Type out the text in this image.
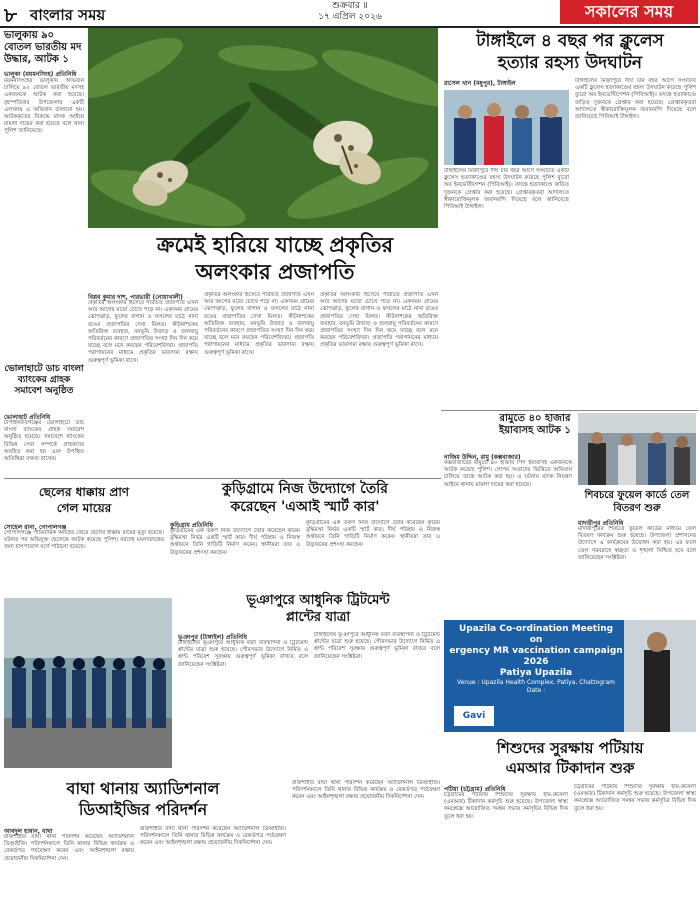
৮ বাংলার সময়	শুক্রবার ॥
১৭ এপ্রিল ২০২৬	সকালের সময়
ভালুকায় ৯০ বোতল ভারতীয় মদ উদ্ধার, আটক ১
ভালুকা (ময়মনসিংহ) প্রতিনিধি

ময়মনসিংহের ভালুকায় অভিযান চালিয়ে ৯০ বোতল ভারতীয় মদসহ একজনকে আটক করা হয়েছে। বৃহস্পতিবার উপজেলার একটি এলাকায় এ অভিযান চালানো হয়। আটককৃতের বিরুদ্ধে মাদক আইনে মামলা দায়ের করা হয়েছে বলে থানা পুলিশ জানিয়েছে।

ভোলাহাটে ডাচ বাংলা ব্যাংকের গ্রাহক সমাবেশ অনুষ্ঠিত
ভোলাহাট প্রতিনিধি

চাঁপাইনবাবগঞ্জের ভোলাহাটে ডাচ বাংলা ব্যাংকের গ্রাহক সমাবেশ অনুষ্ঠিত হয়েছে। সমাবেশে ব্যাংকের বিভিন্ন সেবা সম্পর্কে গ্রাহকদের অবহিত করা হয় এবং উপস্থিত অতিথিরা বক্তব্য রাখেন।

টাঙ্গাইলে ৪ বছর পর ক্লুলেস
হত্যার রহস্য উদঘাটন
রাসেল খান (মধুপুর), টাঙ্গাইল

টাঙ্গাইলের মির্জাপুরে দীর্ঘ চার বছর আগে সংঘটিত একটি ক্লুলেস হত্যাকাণ্ডের রহস্য উদঘাটন করেছে পুলিশ ব্যুরো অব ইনভেস্টিগেশন (পিবিআই)। তদন্তে হত্যাকাণ্ডে জড়িত দুজনকে গ্রেপ্তার করা হয়েছে। গ্রেপ্তারকৃতরা আদালতে স্বীকারোক্তিমূলক জবানবন্দি দিয়েছে বলে জানিয়েছে পিবিআই টাঙ্গাইল।

টাঙ্গাইলের মির্জাপুরে দীর্ঘ চার বছর আগে সংঘটিত একটি ক্লুলেস হত্যাকাণ্ডের রহস্য উদঘাটন করেছে পুলিশ ব্যুরো অব ইনভেস্টিগেশন (পিবিআই)। তদন্তে হত্যাকাণ্ডে জড়িত দুজনকে গ্রেপ্তার করা হয়েছে। গ্রেপ্তারকৃতরা আদালতে স্বীকারোক্তিমূলক জবানবন্দি দিয়েছে বলে জানিয়েছে পিবিআই টাঙ্গাইল।

ক্রমেই হারিয়ে যাচ্ছে প্রকৃতির
অলংকার প্রজাপতি
বিপ্লব কুমার দাশ, পারভারী (নোয়াখালী)

প্রকৃতির অলংকার হিসেবে পরিচিত প্রজাপতি এখন আর আগের মতো চোখে পড়ে না। একসময় গ্রামের ঝোপঝাড়, ফুলের বাগান ও ফসলের মাঠে নানা রঙের প্রজাপতির দেখা মিলত। কীটনাশকের অতিরিক্ত ব্যবহার, বনভূমি উজাড় ও জলবায়ু পরিবর্তনের কারণে প্রজাপতির সংখ্যা দিন দিন কমে যাচ্ছে বলে মনে করছেন পরিবেশবিদরা। প্রজাপতি পরাগায়নের মাধ্যমে প্রকৃতির ভারসাম্য রক্ষায় গুরুত্বপূর্ণ ভূমিকা রাখে।

প্রকৃতির অলংকার হিসেবে পরিচিত প্রজাপতি এখন আর আগের মতো চোখে পড়ে না। একসময় গ্রামের ঝোপঝাড়, ফুলের বাগান ও ফসলের মাঠে নানা রঙের প্রজাপতির দেখা মিলত। কীটনাশকের অতিরিক্ত ব্যবহার, বনভূমি উজাড় ও জলবায়ু পরিবর্তনের কারণে প্রজাপতির সংখ্যা দিন দিন কমে যাচ্ছে বলে মনে করছেন পরিবেশবিদরা। প্রজাপতি পরাগায়নের মাধ্যমে প্রকৃতির ভারসাম্য রক্ষায় গুরুত্বপূর্ণ ভূমিকা রাখে।

প্রকৃতির অলংকার হিসেবে পরিচিত প্রজাপতি এখন আর আগের মতো চোখে পড়ে না। একসময় গ্রামের ঝোপঝাড়, ফুলের বাগান ও ফসলের মাঠে নানা রঙের প্রজাপতির দেখা মিলত। কীটনাশকের অতিরিক্ত ব্যবহার, বনভূমি উজাড় ও জলবায়ু পরিবর্তনের কারণে প্রজাপতির সংখ্যা দিন দিন কমে যাচ্ছে বলে মনে করছেন পরিবেশবিদরা। প্রজাপতি পরাগায়নের মাধ্যমে প্রকৃতির ভারসাম্য রক্ষায় গুরুত্বপূর্ণ ভূমিকা রাখে।

রামুতে ৪০ হাজার ইয়াবাসহ আটক ১
নাজিম উদ্দিন, রামু (কক্সবাজার)

কক্সবাজারের রামুতে ৪০ হাজার পিস ইয়াবাসহ একজনকে আটক করেছে পুলিশ। গোপন সংবাদের ভিত্তিতে অভিযান চালিয়ে তাকে আটক করা হয়। এ ঘটনায় মাদক নিয়ন্ত্রণ আইনে থানায় মামলা দায়ের করা হয়েছে।

শিবচরে ফুয়েল কার্ডে তেল বিতরণ শুরু
মাদারীপুর প্রতিনিধি

মাদারীপুরের শিবচরে ফুয়েল কার্ডের মাধ্যমে তেল বিতরণ কার্যক্রম শুরু হয়েছে। উপজেলা প্রশাসনের উদ্যোগে এ কার্যক্রমের উদ্বোধন করা হয়। এর ফলে তেল সরবরাহে স্বচ্ছতা ও শৃঙ্খলা নিশ্চিত হবে বলে জানিয়েছেন সংশ্লিষ্টরা।

ছেলের ধাক্কায় প্রাণ
গেল মায়ের
সোহেল রানা, গোপালগঞ্জ

গোপালগঞ্জে পারিবারিক কলহের জেরে ছেলের ধাক্কায় মায়ের মৃত্যু হয়েছে। ঘটনার পর অভিযুক্ত ছেলেকে আটক করেছে পুলিশ। মরদেহ ময়নাতদন্তের জন্য হাসপাতাল মর্গে পাঠানো হয়েছে।

কুড়িগ্রামে নিজ উদ্যোগে তৈরি
করেছেন 'এআই স্মার্ট কার'
কুড়িগ্রাম প্রতিনিধি

কুড়িগ্রামের এক তরুণ নিজ উদ্যোগে তৈরি করেছেন কৃত্রিম বুদ্ধিমত্তা নির্ভর একটি স্মার্ট কার। দীর্ঘ পরিশ্রম ও নিজস্ব অর্থায়নে তিনি গাড়িটি নির্মাণ করেন। স্থানীয়রা তার এ উদ্ভাবনের প্রশংসা করছেন।

কুড়িগ্রামের এক তরুণ নিজ উদ্যোগে তৈরি করেছেন কৃত্রিম বুদ্ধিমত্তা নির্ভর একটি স্মার্ট কার। দীর্ঘ পরিশ্রম ও নিজস্ব অর্থায়নে তিনি গাড়িটি নির্মাণ করেন। স্থানীয়রা তার এ উদ্ভাবনের প্রশংসা করছেন।

ভূঞাপুরে আধুনিক ট্রিটমেন্ট
প্লান্টের যাত্রা
ভূঞাপুর (টাঙ্গাইল) প্রতিনিধি

টাঙ্গাইলের ভূঞাপুরে আধুনিক বর্জ্য ব্যবস্থাপনা ও ট্রিটমেন্ট প্লান্টের যাত্রা শুরু হয়েছে। পৌরসভার উদ্যোগে নির্মিত এ প্লান্ট পরিবেশ সুরক্ষায় গুরুত্বপূর্ণ ভূমিকা রাখবে বলে জানিয়েছেন সংশ্লিষ্টরা।

টাঙ্গাইলের ভূঞাপুরে আধুনিক বর্জ্য ব্যবস্থাপনা ও ট্রিটমেন্ট প্লান্টের যাত্রা শুরু হয়েছে। পৌরসভার উদ্যোগে নির্মিত এ প্লান্ট পরিবেশ সুরক্ষায় গুরুত্বপূর্ণ ভূমিকা রাখবে বলে জানিয়েছেন সংশ্লিষ্টরা।

বাঘা থানায় অ্যাডিশনাল
ডিআইজির পরিদর্শন
আবদুল হান্নান, বাঘা

রাজশাহীর বাঘা থানা পরিদর্শন করেছেন অ্যাডিশনাল ডিআইজি। পরিদর্শনকালে তিনি থানার বিভিন্ন কার্যক্রম ও রেকর্ডপত্র পর্যবেক্ষণ করেন এবং আইনশৃঙ্খলা রক্ষায় প্রয়োজনীয় দিকনির্দেশনা দেন।

রাজশাহীর বাঘা থানা পরিদর্শন করেছেন অ্যাডিশনাল ডিআইজি। পরিদর্শনকালে তিনি থানার বিভিন্ন কার্যক্রম ও রেকর্ডপত্র পর্যবেক্ষণ করেন এবং আইনশৃঙ্খলা রক্ষায় প্রয়োজনীয় দিকনির্দেশনা দেন।

রাজশাহীর বাঘা থানা পরিদর্শন করেছেন অ্যাডিশনাল ডিআইজি। পরিদর্শনকালে তিনি থানার বিভিন্ন কার্যক্রম ও রেকর্ডপত্র পর্যবেক্ষণ করেন এবং আইনশৃঙ্খলা রক্ষায় প্রয়োজনীয় দিকনির্দেশনা দেন।

Upazila Co-ordination Meeting
on
ergency MR vaccination campaign 2026
Patiya Upazila
Venue : Upazila Health Complex, Patiya, Chattogram
Date :
Gavi
শিশুদের সুরক্ষায় পটিয়ায়
এমআর টিকাদান শুরু
পটিয়া (চট্টগ্রাম) প্রতিনিধি

চট্টগ্রামের পটিয়ায় শিশুদের সুরক্ষায় হাম-রুবেলা (এমআর) টিকাদান কর্মসূচি শুরু হয়েছে। উপজেলা স্বাস্থ্য কমপ্লেক্সে আয়োজিত সমন্বয় সভায় কর্মসূচির বিভিন্ন দিক তুলে ধরা হয়।

চট্টগ্রামের পটিয়ায় শিশুদের সুরক্ষায় হাম-রুবেলা (এমআর) টিকাদান কর্মসূচি শুরু হয়েছে। উপজেলা স্বাস্থ্য কমপ্লেক্সে আয়োজিত সমন্বয় সভায় কর্মসূচির বিভিন্ন দিক তুলে ধরা হয়।
